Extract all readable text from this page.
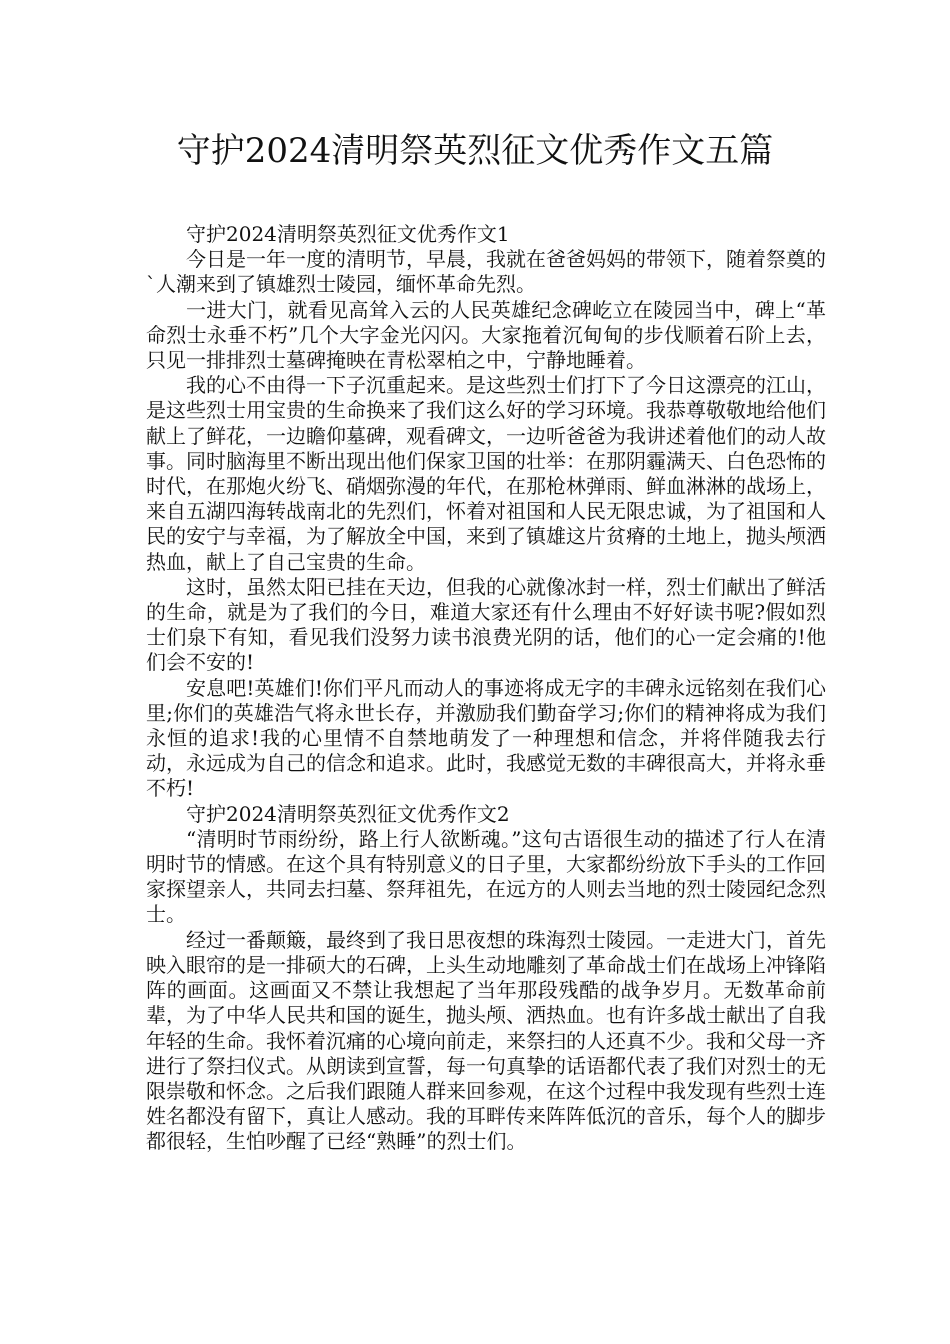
守护2024清明祭英烈征文优秀作文五篇

守护2024清明祭英烈征文优秀作文1

今日是一年一度的清明节，早晨，我就在爸爸妈妈的带领下，随着祭奠的`人潮来到了镇雄烈士陵园，缅怀革命先烈。

一进大门，就看见高耸入云的人民英雄纪念碑屹立在陵园当中，碑上“革命烈士永垂不朽”几个大字金光闪闪。大家拖着沉甸甸的步伐顺着石阶上去，只见一排排烈士墓碑掩映在青松翠柏之中，宁静地睡着。

我的心不由得一下子沉重起来。是这些烈士们打下了今日这漂亮的江山，是这些烈士用宝贵的生命换来了我们这么好的学习环境。我恭尊敬敬地给他们献上了鲜花，一边瞻仰墓碑，观看碑文，一边听爸爸为我讲述着他们的动人故事。同时脑海里不断出现出他们保家卫国的壮举：在那阴霾满天、白色恐怖的时代，在那炮火纷飞、硝烟弥漫的年代，在那枪林弹雨、鲜血淋淋的战场上，来自五湖四海转战南北的先烈们，怀着对祖国和人民无限忠诚，为了祖国和人民的安宁与幸福，为了解放全中国，来到了镇雄这片贫瘠的土地上，抛头颅洒热血，献上了自己宝贵的生命。

这时，虽然太阳已挂在天边，但我的心就像冰封一样，烈士们献出了鲜活的生命，就是为了我们的今日，难道大家还有什么理由不好好读书呢?假如烈士们泉下有知，看见我们没努力读书浪费光阴的话，他们的心一定会痛的!他们会不安的!

安息吧!英雄们!你们平凡而动人的事迹将成无字的丰碑永远铭刻在我们心里;你们的英雄浩气将永世长存，并激励我们勤奋学习;你们的精神将成为我们永恒的追求!我的心里情不自禁地萌发了一种理想和信念，并将伴随我去行动，永远成为自己的信念和追求。此时，我感觉无数的丰碑很高大，并将永垂不朽!

守护2024清明祭英烈征文优秀作文2

“清明时节雨纷纷，路上行人欲断魂。”这句古语很生动的描述了行人在清明时节的情感。在这个具有特别意义的日子里，大家都纷纷放下手头的工作回家探望亲人，共同去扫墓、祭拜祖先，在远方的人则去当地的烈士陵园纪念烈士。

经过一番颠簸，最终到了我日思夜想的珠海烈士陵园。一走进大门，首先映入眼帘的是一排硕大的石碑，上头生动地雕刻了革命战士们在战场上冲锋陷阵的画面。这画面又不禁让我想起了当年那段残酷的战争岁月。无数革命前辈，为了中华人民共和国的诞生，抛头颅、洒热血。也有许多战士献出了自我年轻的生命。我怀着沉痛的心境向前走，来祭扫的人还真不少。我和父母一齐进行了祭扫仪式。从朗读到宣誓，每一句真挚的话语都代表了我们对烈士的无限崇敬和怀念。之后我们跟随人群来回参观，在这个过程中我发现有些烈士连姓名都没有留下，真让人感动。我的耳畔传来阵阵低沉的音乐，每个人的脚步都很轻，生怕吵醒了已经“熟睡”的烈士们。
